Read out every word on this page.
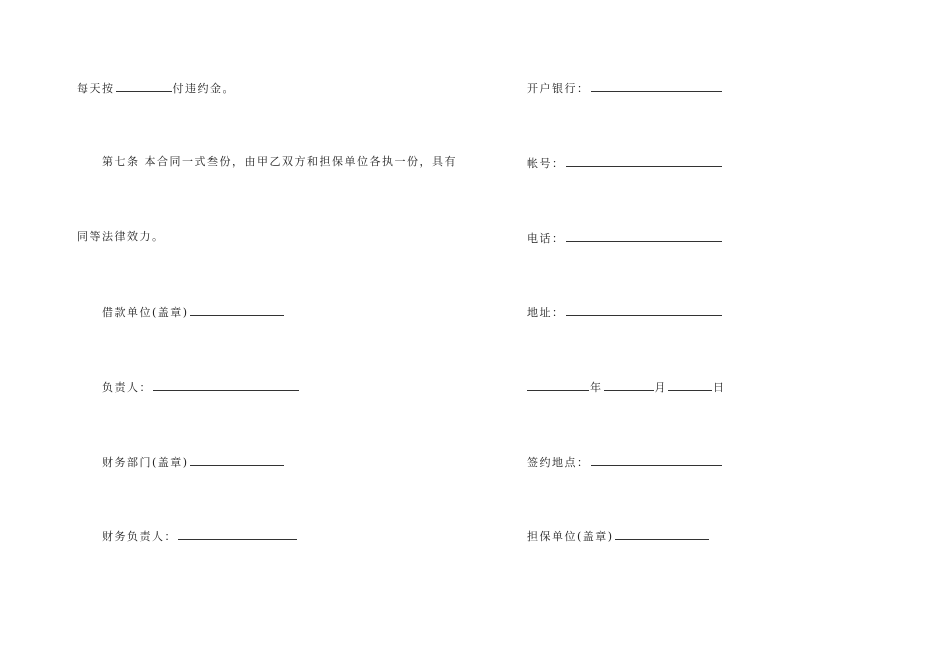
每天按	付违约金。
第七条 本合同一式叁份，由甲乙双方和担保单位各执一份，具有
同等法律效力。
借款单位(盖章)
负责人：
财务部门(盖章)
财务负责人：
开户银行：
帐号：
电话：
地址：
年	月	日
签约地点：
担保单位(盖章)
